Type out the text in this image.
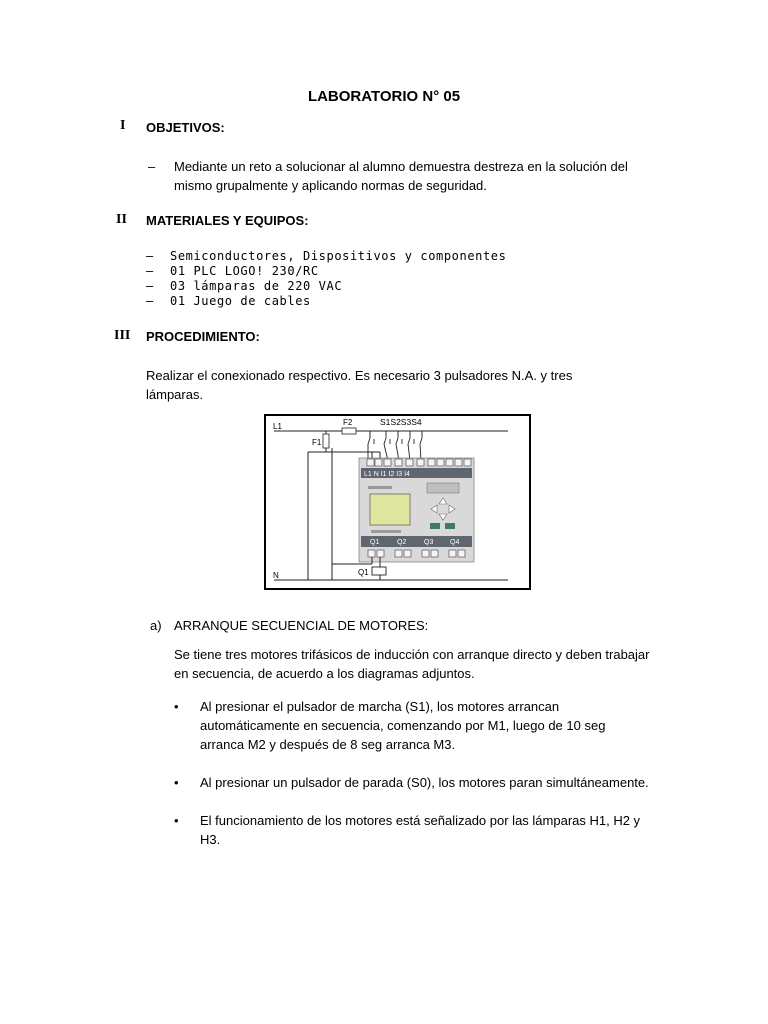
LABORATORIO N° 05
I OBJETIVOS:
– Mediante un reto a solucionar al alumno demuestra destreza en la solución del mismo grupalmente y aplicando normas de seguridad.
II MATERIALES Y EQUIPOS:
– Semiconductores, Dispositivos y componentes
– 01 PLC LOGO! 230/RC
– 03 lámparas de 220 VAC
– 01 Juego de cables
III PROCEDIMIENTO:
Realizar el conexionado respectivo. Es necesario 3 pulsadores N.A. y tres lámparas.
L1
N
F2
F1
S1S2S3S4
L1 N I1 I2 I3 I4
Q1	Q2	Q3 Q4
Q1
a) ARRANQUE SECUENCIAL DE MOTORES:
Se tiene tres motores trifásicos de inducción con arranque directo y deben trabajar en secuencia, de acuerdo a los diagramas adjuntos.
• Al presionar el pulsador de marcha (S1), los motores arrancan automáticamente en secuencia, comenzando por M1, luego de 10 seg arranca M2 y después de 8 seg arranca M3.
• Al presionar un pulsador de parada (S0), los motores paran simultáneamente.
• El funcionamiento de los motores está señalizado por las lámparas H1, H2 y H3.
